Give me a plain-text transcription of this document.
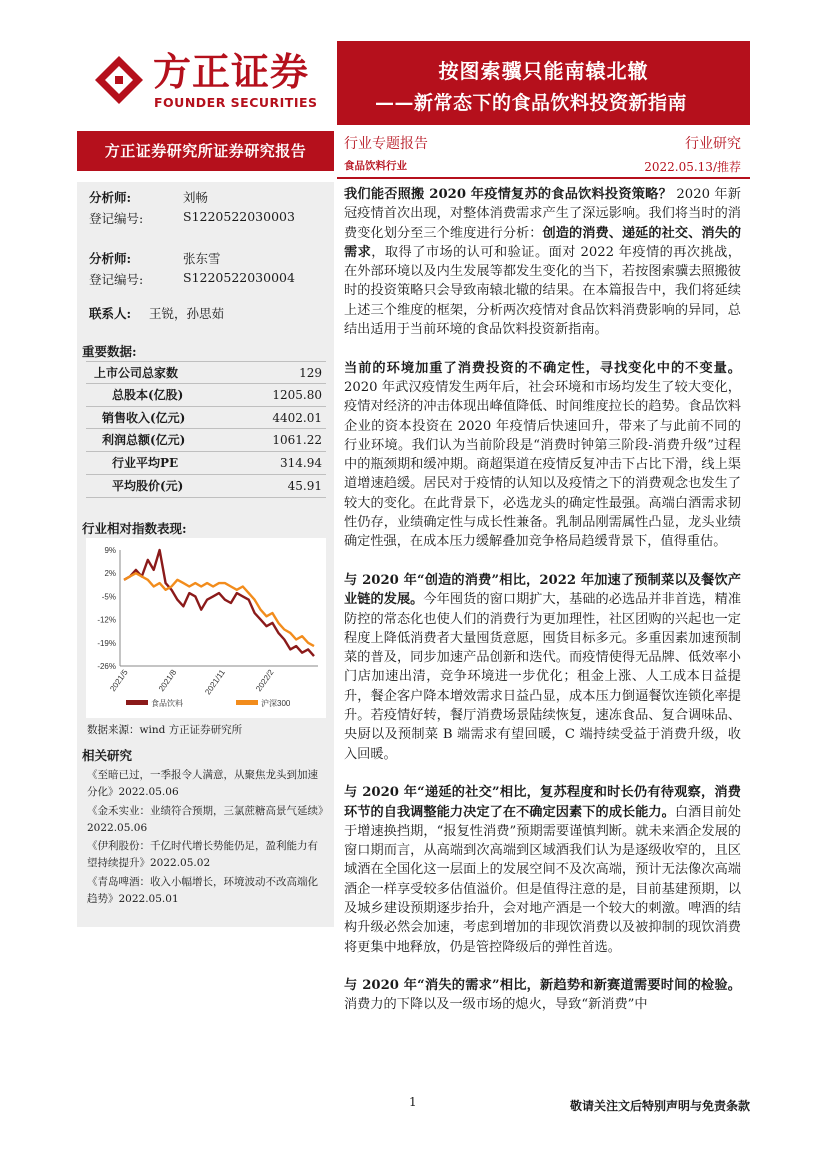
方正证券
FOUNDER SECURITIES
按图索骥只能南辕北辙
——新常态下的食品饮料投资新指南
方正证券研究所证券研究报告	行业专题报告	行业研究
食品饮料行业	2022.05.13/推荐
分析师:	刘畅
登记编号:	S1220522030003
分析师:	张东雪
登记编号:	S1220522030004
联系人: 王锐，孙思茹
重要数据:
上市公司总家数	129
总股本(亿股)	1205.80
销售收入(亿元)	4402.01
利润总额(亿元)	1061.22
行业平均PE	314.94
平均股价(元)	45.91
行业相对指数表现:
9%
2%
-5%
-12%
-19%
-26%
2021/5	2021/8	2021/11	2022/2
食品饮料	沪深300
数据来源：wind 方正证券研究所
相关研究
《至暗已过，一季报令人满意，从聚焦龙头到加速分化》2022.05.06
《金禾实业：业绩符合预期，三氯蔗糖高景气延续》2022.05.06
《伊利股份：千亿时代增长势能仍足，盈利能力有望持续提升》2022.05.02
《青岛啤酒：收入小幅增长，环境波动不改高端化趋势》2022.05.01

我们能否照搬 2020 年疫情复苏的食品饮料投资策略？ 2020 年新冠疫情首次出现，对整体消费需求产生了深远影响。我们将当时的消费变化划分至三个维度进行分析：创造的消费、递延的社交、消失的需求，取得了市场的认可和验证。面对 2022 年疫情的再次挑战，在外部环境以及内生发展等都发生变化的当下，若按图索骥去照搬彼时的投资策略只会导致南辕北辙的结果。在本篇报告中，我们将延续上述三个维度的框架，分析两次疫情对食品饮料消费影响的异同，总结出适用于当前环境的食品饮料投资新指南。

当前的环境加重了消费投资的不确定性，寻找变化中的不变量。2020 年武汉疫情发生两年后，社会环境和市场均发生了较大变化，疫情对经济的冲击体现出峰值降低、时间维度拉长的趋势。食品饮料企业的资本投资在 2020 年疫情后快速回升，带来了与此前不同的行业环境。我们认为当前阶段是“消费时钟第三阶段-消费升级”过程中的瓶颈期和缓冲期。商超渠道在疫情反复冲击下占比下滑，线上渠道增速趋缓。居民对于疫情的认知以及疫情之下的消费观念也发生了较大的变化。在此背景下，必选龙头的确定性最强。高端白酒需求韧性仍存，业绩确定性与成长性兼备。乳制品刚需属性凸显，龙头业绩确定性强，在成本压力缓解叠加竞争格局趋缓背景下，值得重估。

与 2020 年“创造的消费”相比，2022 年加速了预制菜以及餐饮产业链的发展。今年囤货的窗口期扩大，基础的必选品并非首选，精准防控的常态化也使人们的消费行为更加理性，社区团购的兴起也一定程度上降低消费者大量囤货意愿，囤货目标多元。多重因素加速预制菜的普及，同步加速产品创新和迭代。而疫情使得无品牌、低效率小门店加速出清，竞争环境进一步优化；租金上涨、人工成本日益提升，餐企客户降本增效需求日益凸显，成本压力倒逼餐饮连锁化率提升。若疫情好转，餐厅消费场景陆续恢复，速冻食品、复合调味品、央厨以及预制菜 B 端需求有望回暖，C 端持续受益于消费升级，收入回暖。

与 2020 年“递延的社交”相比，复苏程度和时长仍有待观察，消费环节的自我调整能力决定了在不确定因素下的成长能力。白酒目前处于增速换挡期，“报复性消费”预期需要谨慎判断。就未来酒企发展的窗口期而言，从高端到次高端到区域酒我们认为是逐级收窄的，且区域酒在全国化这一层面上的发展空间不及次高端，预计无法像次高端酒企一样享受较多估值溢价。但是值得注意的是，目前基建预期，以及城乡建设预期逐步抬升，会对地产酒是一个较大的刺激。啤酒的结构升级必然会加速，考虑到增加的非现饮消费以及被抑制的现饮消费将更集中地释放，仍是管控降级后的弹性首选。

与 2020 年“消失的需求”相比，新趋势和新赛道需要时间的检验。消费力的下降以及一级市场的熄火，导致“新消费”中

1	敬请关注文后特别声明与免责条款
